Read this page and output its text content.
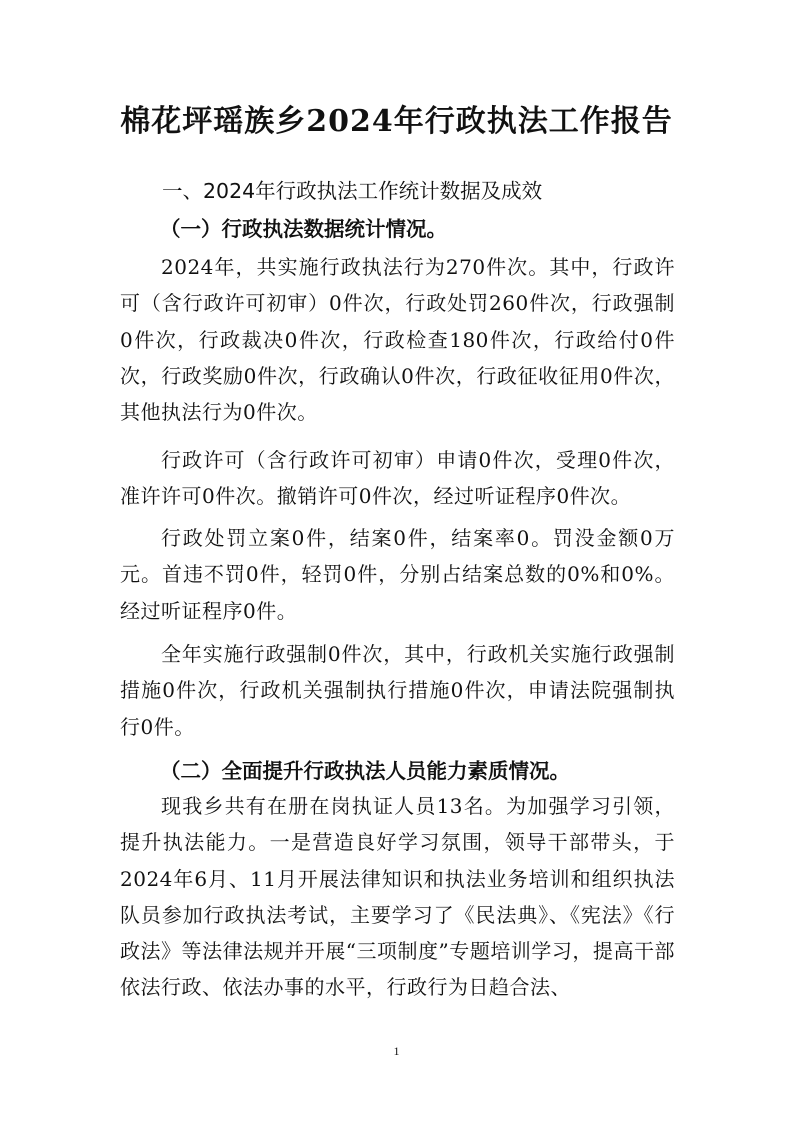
棉花坪瑶族乡2024年行政执法工作报告
一、2024年行政执法工作统计数据及成效
（一）行政执法数据统计情况。

2024年，共实施行政执法行为270件次。其中，行政许可（含行政许可初审）0件次，行政处罚260件次，行政强制0件次，行政裁决0件次，行政检查180件次，行政给付0件次，行政奖励0件次，行政确认0件次，行政征收征用0件次，其他执法行为0件次。

行政许可（含行政许可初审）申请0件次，受理0件次，准许许可0件次。撤销许可0件次，经过听证程序0件次。

行政处罚立案0件，结案0件，结案率0。罚没金额0万元。首违不罚0件，轻罚0件，分别占结案总数的0%和0%。经过听证程序0件。

全年实施行政强制0件次，其中，行政机关实施行政强制措施0件次，行政机关强制执行措施0件次，申请法院强制执行0件。

（二）全面提升行政执法人员能力素质情况。

现我乡共有在册在岗执证人员13名。为加强学习引领，提升执法能力。一是营造良好学习氛围，领导干部带头，于2024年6月、11月开展法律知识和执法业务培训和组织执法队员参加行政执法考试，主要学习了《民法典》、《宪法》《行政法》等法律法规并开展“三项制度”专题培训学习，提高干部依法行政、依法办事的水平，行政行为日趋合法、

1
